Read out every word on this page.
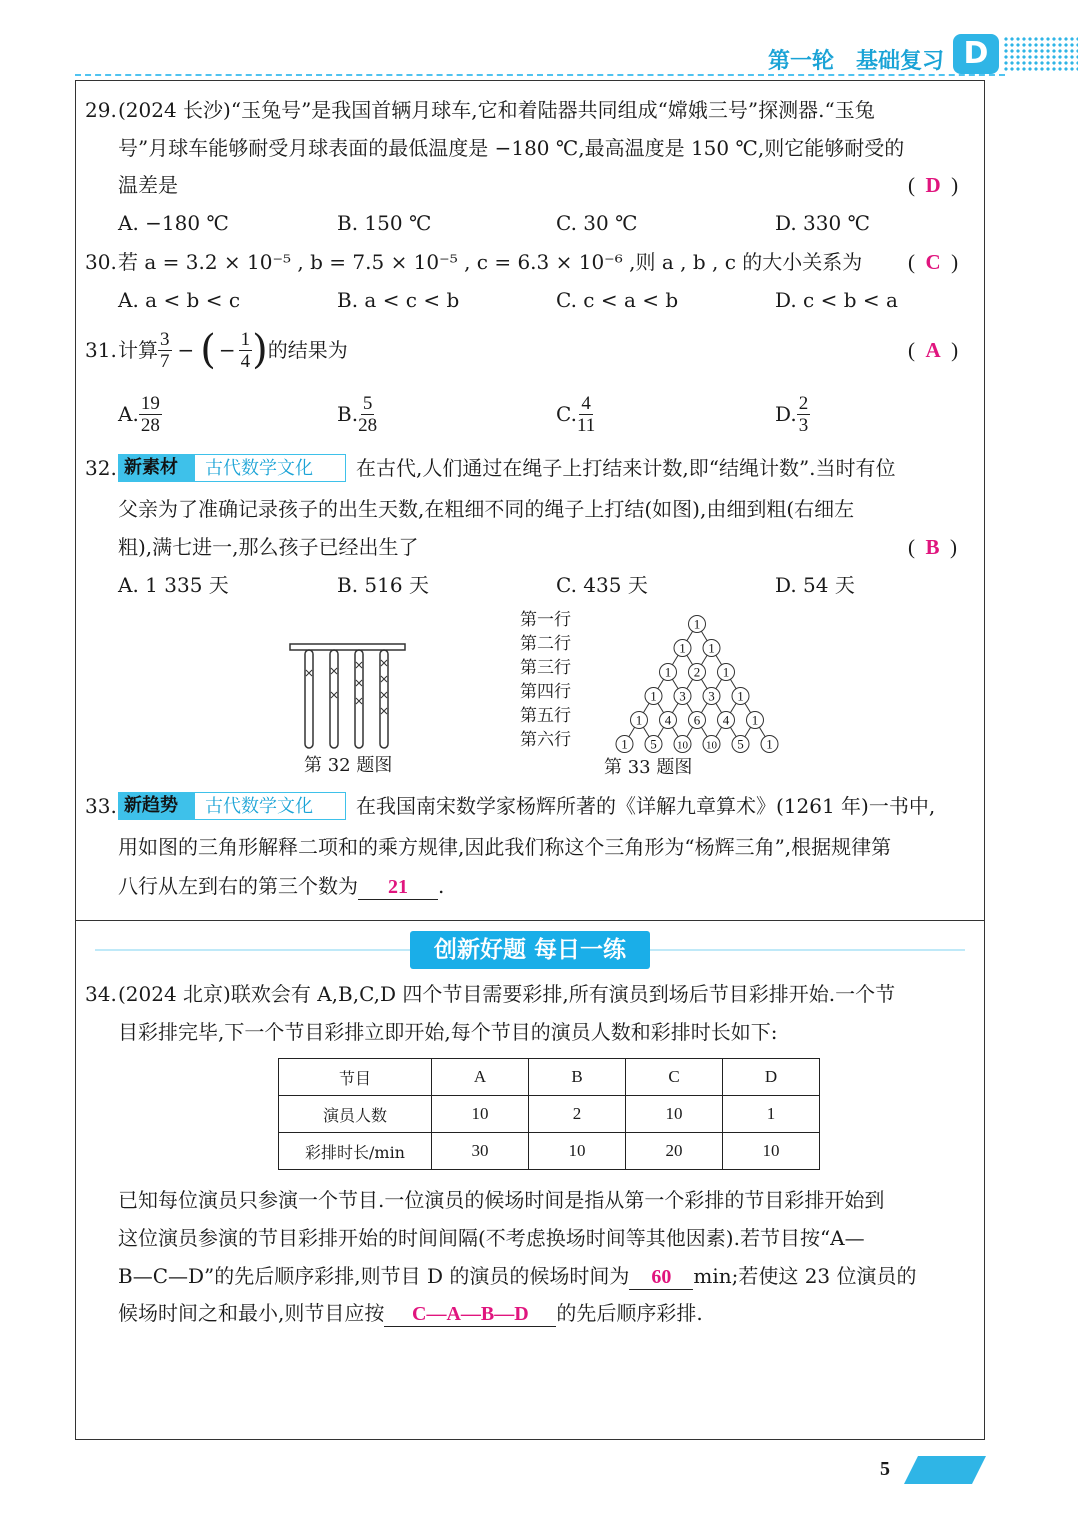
第一轮 基础复习 D
29. (2024 长沙)“玉兔号”是我国首辆月球车,它和着陆器共同组成“嫦娥三号”探测器.“玉兔
号”月球车能够耐受月球表面的最低温度是 −180 ℃,最高温度是 150 ℃,则它能够耐受的
温差是	(  D  )
A. −180 ℃	B. 150 ℃	C. 30 ℃	D. 330 ℃
30. 若 a = 3.2 × 10⁻⁵ , b = 7.5 × 10⁻⁵ , c = 6.3 × 10⁻⁶ ,则 a , b , c 的大小关系为 (  C  )
A. a < b < c	B. a < c < b	C. c < a < b	D. c < b < a
31. 计算 $\frac{3}{7}$ − ( − $\frac{1}{4}$ ) 的结果为	(  A  )
A. $\frac{19}{28}$	B. $\frac{5}{28}$	C. $\frac{4}{11}$	D. $\frac{2}{3}$
32. 新素材	古代数学文化	在古代,人们通过在绳子上打结来计数,即“结绳计数”.当时有位
父亲为了准确记录孩子的出生天数,在粗细不同的绳子上打结(如图),由细到粗(右细左
粗),满七进一,那么孩子已经出生了	(  B  )
A. 1 335 天	B. 516 天	C. 435 天	D. 54 天
第 32 题图
第一行
第二行
第三行
第四行
第五行
第六行
1
1 1
1 2 1
1 3 3 1
1 4 6 4 1
1 5 10 10 5 1
第 33 题图
33. 新趋势	古代数学文化	在我国南宋数学家杨辉所著的《详解九章算术》(1261 年)一书中,
用如图的三角形解释二项和的乘方规律,因此我们称这个三角形为“杨辉三角”,根据规律第
八行从左到右的第三个数为 21 .
创新好题 每日一练
34. (2024 北京)联欢会有 A,B,C,D 四个节目需要彩排,所有演员到场后节目彩排开始.一个节
目彩排完毕,下一个节目彩排立即开始,每个节目的演员人数和彩排时长如下:
节目	A	B	C	D
演员人数	10	2	10	1
彩排时长/min	30	10	20	10
已知每位演员只参演一个节目.一位演员的候场时间是指从第一个彩排的节目彩排开始到
这位演员参演的节目彩排开始的时间间隔(不考虑换场时间等其他因素).若节目按“A—
B—C—D”的先后顺序彩排,则节目 D 的演员的候场时间为 60 min;若使这 23 位演员的
候场时间之和最小,则节目应按 C—A—B—D 的先后顺序彩排.
5
